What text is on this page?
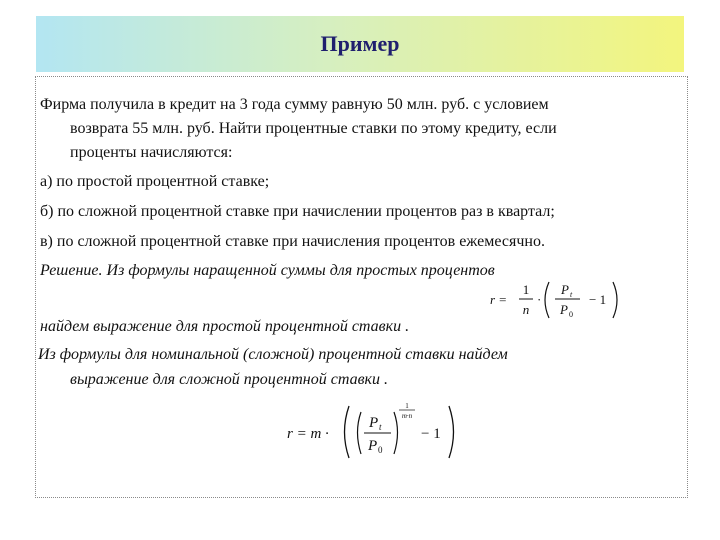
Пример
Фирма получила в кредит на 3 года сумму равную 50 млн. руб. с условием
возврата 55 млн. руб. Найти процентные ставки по этому кредиту, если
проценты начисляются:
а) по простой процентной ставке;
б) по сложной процентной ставке при начислении процентов раз в квартал;
в) по сложной процентной ставке при начисления процентов ежемесячно.
Решение. Из формулы наращенной суммы для простых процентов
найдем выражение для простой процентной ставки .
Из формулы для номинальной (сложной) процентной ставки найдем
выражение для сложной процентной ставки .
r =
1
n
·
P t
P 0
− 1
r = m ·
P t
P 0
1
m·n
− 1
